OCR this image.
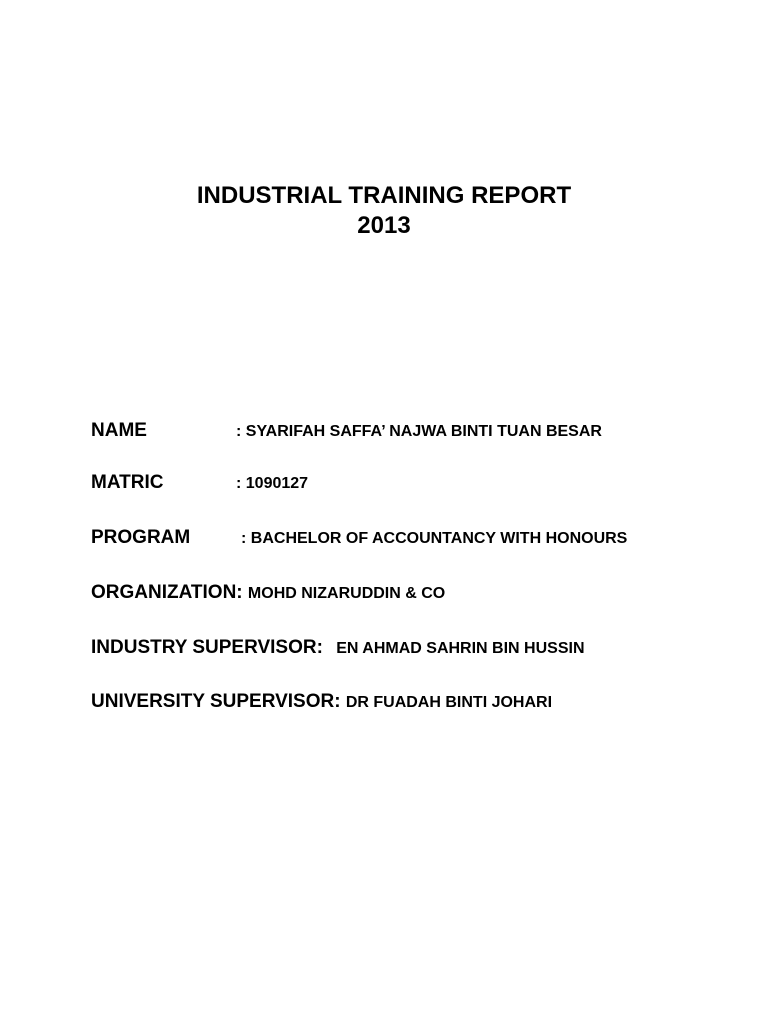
INDUSTRIAL TRAINING REPORT
2013
NAME	: SYARIFAH SAFFA’ NAJWA BINTI TUAN BESAR
MATRIC	: 1090127
PROGRAM	: BACHELOR OF ACCOUNTANCY WITH HONOURS
ORGANIZATION: MOHD NIZARUDDIN & CO
INDUSTRY SUPERVISOR: EN AHMAD SAHRIN BIN HUSSIN
UNIVERSITY SUPERVISOR: DR FUADAH BINTI JOHARI
